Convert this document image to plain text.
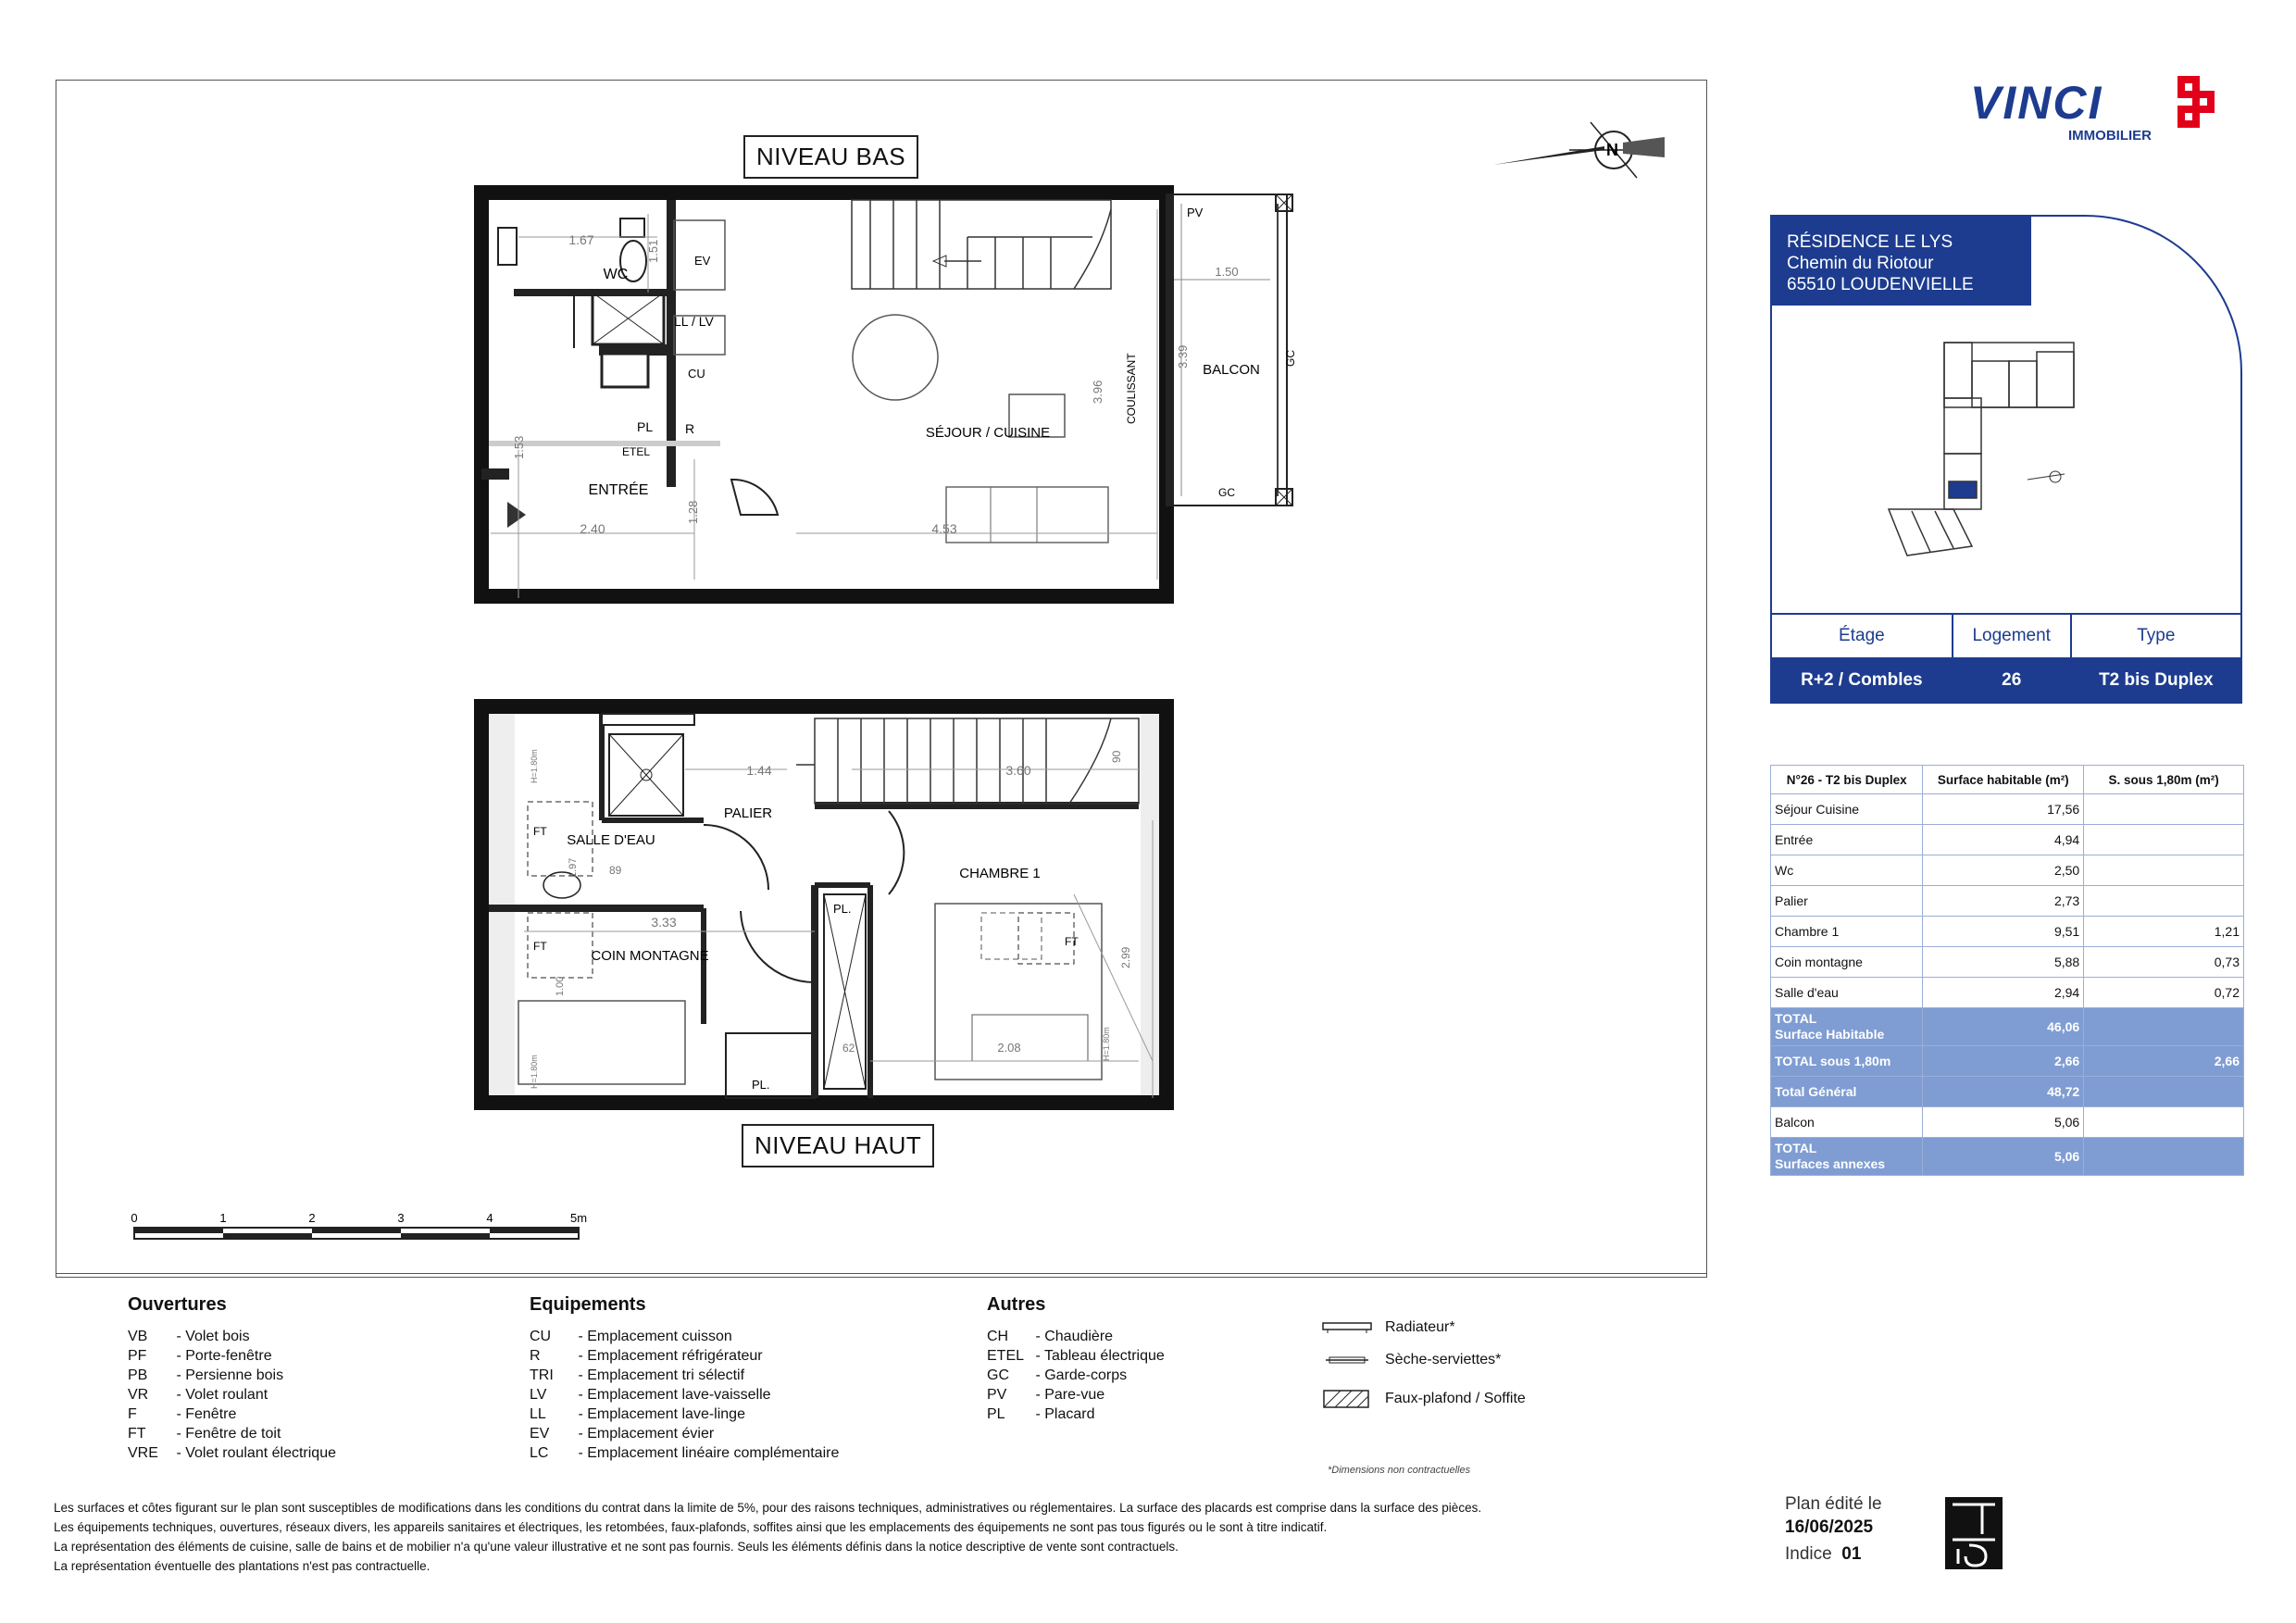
N
1.67
WC
1.51	EV
LL / LV
CU
PL R
ETEL
ENTRÉE
1.53
2.40
1.28
SÉJOUR / CUISINE
4.53
3.96 COULISSANT
PV
1.50
3.39
BALCON
GC
GC
1.44	3.60
90
PALIER
SALLE D'EAU
FT
1.97
H=1.80m
89
3.33
FT
COIN MONTAGNE
1.00
H=1.80m
PL.
PL.
62
CHAMBRE 1
FT
2.99
2.08	H=1.80m
0	1	2	3	4	5m
NIVEAU BAS
NIVEAU HAUT
Ouvertures
VB - Volet bois
PF - Porte-fenêtre
PB - Persienne bois
VR - Volet roulant
F - Fenêtre
FT - Fenêtre de toit
VRE - Volet roulant électrique
Equipements
CU - Emplacement cuisson
R - Emplacement réfrigérateur
TRI - Emplacement tri sélectif
LV - Emplacement lave-vaisselle
LL - Emplacement lave-linge
EV - Emplacement évier
LC - Emplacement linéaire complémentaire
Autres
CH - Chaudière
ETEL - Tableau électrique
GC - Garde-corps
PV - Pare-vue
PL - Placard
Radiateur*
Sèche-serviettes*
Faux-plafond / Soffite
*Dimensions non contractuelles
Les surfaces et côtes figurant sur le plan sont susceptibles de modifications dans les conditions du contrat dans la limite de 5%, pour des raisons techniques, administratives ou réglementaires. La surface des placards est comprise dans la surface des pièces.
Les équipements techniques, ouvertures, réseaux divers, les appareils sanitaires et électriques, les retombées, faux-plafonds, soffites ainsi que les emplacements des équipements ne sont pas tous figurés ou le sont à titre indicatif.
La représentation des éléments de cuisine, salle de bains et de mobilier n'a qu'une valeur illustrative et ne sont pas fournis. Seuls les éléments définis dans la notice descriptive de vente sont contractuels.
La représentation éventuelle des plantations n'est pas contractuelle.
VINCI
IMMOBILIER
RÉSIDENCE LE LYS
Chemin du Riotour
65510 LOUDENVIELLE
Étage	Logement	Type
R+2 / Combles	26	T2 bis Duplex
N°26 - T2 bis Duplex	Surface habitable (m²)	S. sous 1,80m (m²)
Séjour Cuisine	17,56	
Entrée	4,94	
Wc	2,50	
Palier	2,73	
Chambre 1	9,51	1,21
Coin montagne	5,88	0,73
Salle d'eau	2,94	0,72
TOTAL
Surface Habitable	46,06	
TOTAL sous 1,80m	2,66	2,66
Total Général	48,72	
Balcon	5,06	
TOTAL
Surfaces annexes	5,06	
Plan édité le
16/06/2025
Indice 01
